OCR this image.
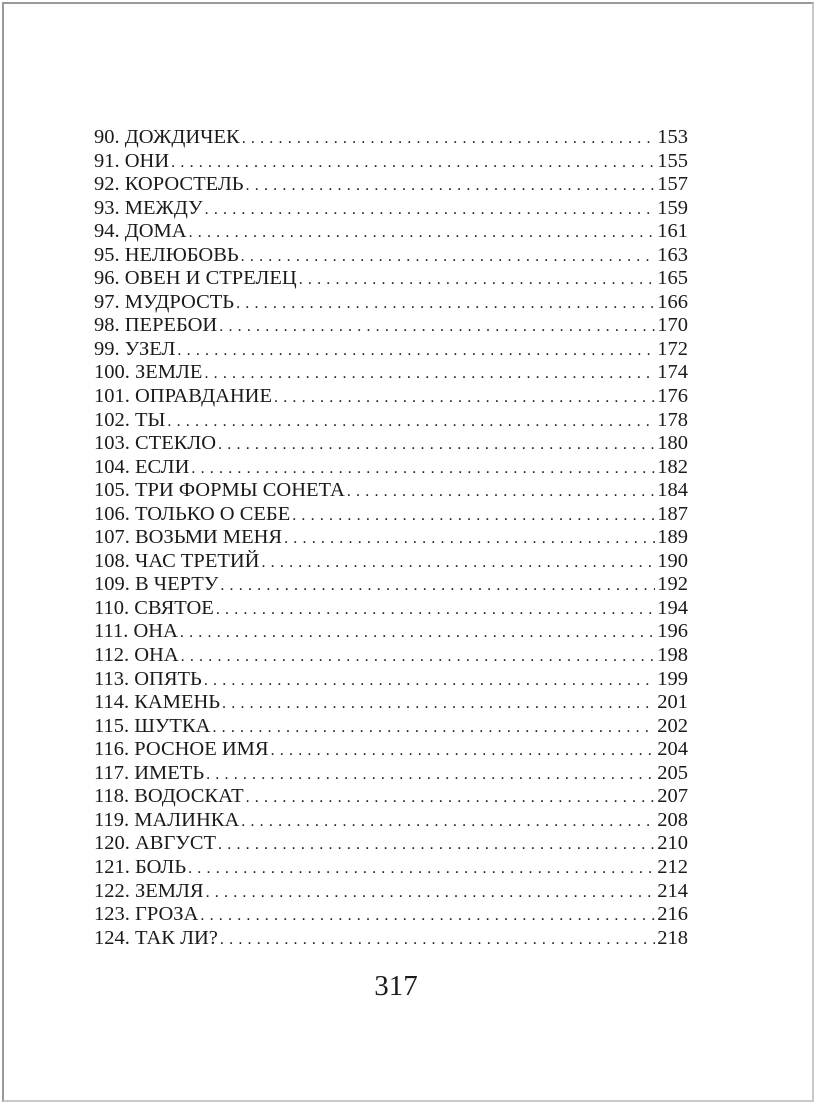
90. ДОЖДИЧЕК . . .	153
91. ОНИ . . .	155
92. КОРОСТЕЛЬ . . .	157
93. МЕЖДУ . . .	159
94. ДОМА . . .	161
95. НЕЛЮБОВЬ . . .	163
96. ОВЕН И СТРЕЛЕЦ . . .	165
97. МУДРОСТЬ . . .	166
98. ПЕРЕБОИ . . .	170
99. УЗЕЛ . . .	172
100. ЗЕМЛЕ . . .	174
101. ОПРАВДАНИЕ . . .	176
102. ТЫ . . .	178
103. СТЕКЛО . . .	180
104. ЕСЛИ . . .	182
105. ТРИ ФОРМЫ СОНЕТА . . .	184
106. ТОЛЬКО О СЕБЕ . . .	187
107. ВОЗЬМИ МЕНЯ . . .	189
108. ЧАС ТРЕТИЙ . . .	190
109. В ЧЕРТУ . . .	192
110. СВЯТОЕ . . .	194
111. ОНА . . .	196
112. ОНА . . .	198
113. ОПЯТЬ . . .	199
114. КАМЕНЬ . . .	201
115. ШУТКА . . .	202
116. РОСНОЕ ИМЯ . . .	204
117. ИМЕТЬ . . .	205
118. ВОДОСКАТ . . .	207
119. МАЛИНКА . . .	208
120. АВГУСТ . . .	210
121. БОЛЬ . . .	212
122. ЗЕМЛЯ . . .	214
123. ГРОЗА . . .	216
124. ТАК ЛИ? . . .	218
317
